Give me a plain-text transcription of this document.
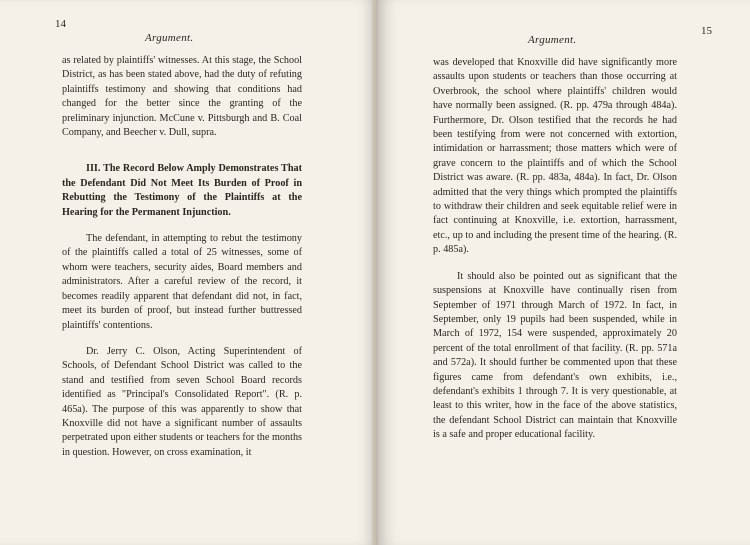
14
Argument.

as related by plaintiffs' witnesses. At this stage, the School District, as has been stated above, had the duty of refuting plaintiffs testimony and showing that conditions had changed for the better since the granting of the preliminary injunction. McCune v. Pittsburgh and B. Coal Company, and Beecher v. Dull, supra.

III. The Record Below Amply Demonstrates That the Defendant Did Not Meet Its Burden of Proof in Rebutting the Testimony of the Plaintiffs at the Hearing for the Permanent Injunction.

The defendant, in attempting to rebut the testimony of the plaintiffs called a total of 25 witnesses, some of whom were teachers, security aides, Board members and administrators. After a careful review of the record, it becomes readily apparent that defendant did not, in fact, meet its burden of proof, but instead further buttressed plaintiffs' contentions.

Dr. Jerry C. Olson, Acting Superintendent of Schools, of Defendant School District was called to the stand and testified from seven School Board records identified as "Principal's Consolidated Report". (R. p. 465a). The purpose of this was apparently to show that Knoxville did not have a significant number of assaults perpetrated upon either students or teachers for the months in question. However, on cross examination, it

15
Argument.

was developed that Knoxville did have significantly more assaults upon students or teachers than those occurring at Overbrook, the school where plaintiffs' children would have normally been assigned. (R. pp. 479a through 484a). Furthermore, Dr. Olson testified that the records he had been testifying from were not concerned with extortion, intimidation or harrassment; those matters which were of grave concern to the plaintiffs and of which the School District was aware. (R. pp. 483a, 484a). In fact, Dr. Olson admitted that the very things which prompted the plaintiffs to withdraw their children and seek equitable relief were in fact continuing at Knoxville, i.e. extortion, harrassment, etc., up to and including the present time of the hearing. (R. p. 485a).

It should also be pointed out as significant that the suspensions at Knoxville have continually risen from September of 1971 through March of 1972. In fact, in September, only 19 pupils had been suspended, while in March of 1972, 154 were suspended, approximately 20 percent of the total enrollment of that facility. (R. pp. 571a and 572a). It should further be commented upon that these figures came from defendant's own exhibits, i.e., defendant's exhibits 1 through 7. It is very questionable, at least to this writer, how in the face of the above statistics, the defendant School District can maintain that Knoxville is a safe and proper educational facility.
